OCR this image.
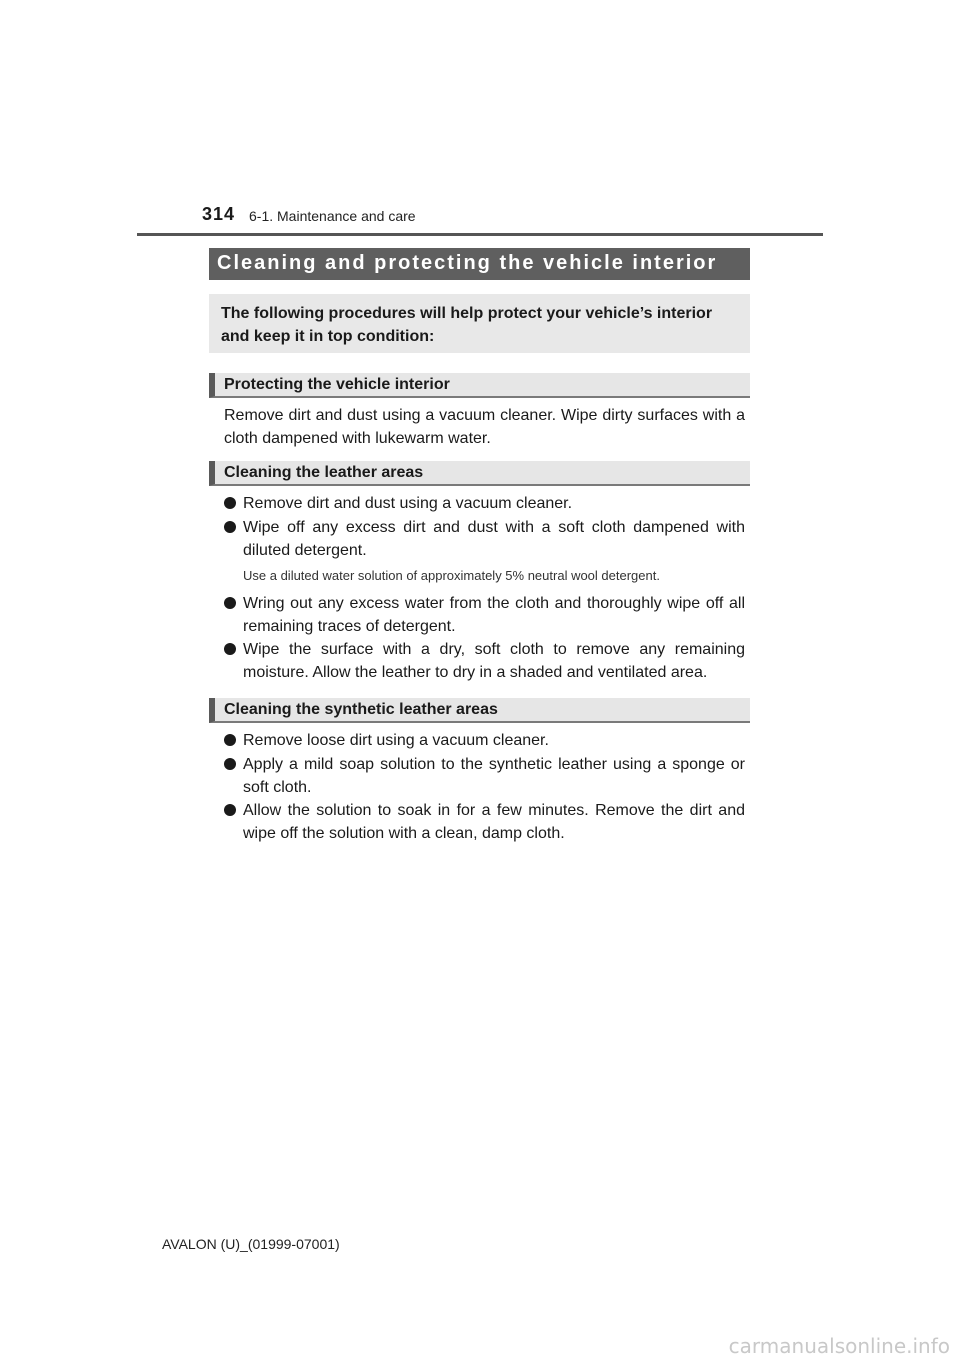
314 6-1. Maintenance and care
Cleaning and protecting the vehicle interior
The following procedures will help protect your vehicle’s interior and keep it in top condition:
Protecting the vehicle interior

Remove dirt and dust using a vacuum cleaner. Wipe dirty surfaces with a cloth dampened with lukewarm water.

Cleaning the leather areas
Remove dirt and dust using a vacuum cleaner.
Wipe off any excess dirt and dust with a soft cloth dampened with diluted detergent.
Use a diluted water solution of approximately 5% neutral wool detergent.
Wring out any excess water from the cloth and thoroughly wipe off all remaining traces of detergent.
Wipe the surface with a dry, soft cloth to remove any remaining moisture. Allow the leather to dry in a shaded and ventilated area.
Cleaning the synthetic leather areas
Remove loose dirt using a vacuum cleaner.
Apply a mild soap solution to the synthetic leather using a sponge or soft cloth.
Allow the solution to soak in for a few minutes. Remove the dirt and wipe off the solution with a clean, damp cloth.
AVALON (U)_(01999-07001)
carmanualsonline.info
